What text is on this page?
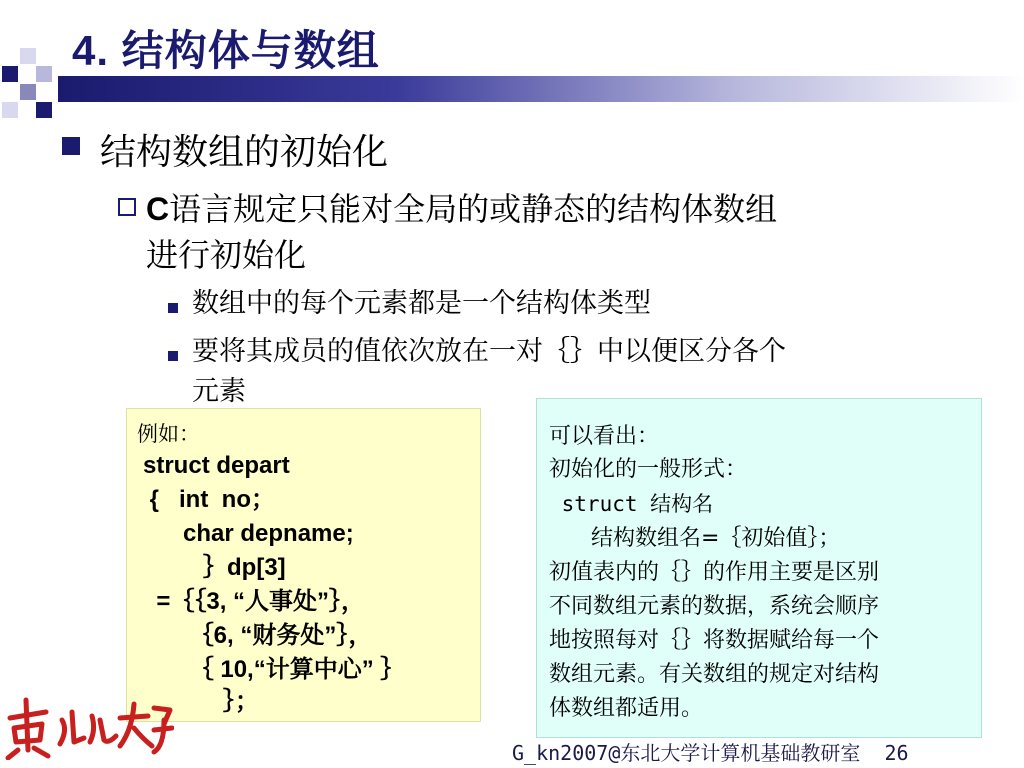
4. 结构体与数组
结构数组的初始化
C语言规定只能对全局的或静态的结构体数组
进行初始化
数组中的每个元素都是一个结构体类型
要将其成员的值依次放在一对｛｝中以便区分各个
元素
例如：
struct depart
{   int  no；
char depname;
｝dp[3]
=｛｛3, “人事处”｝，
｛6, “财务处”｝，
｛ 10,“计算中心” ｝
｝；
可以看出：
初始化的一般形式：
struct 结构名
结构数组名=｛初始值｝；
初值表内的｛｝的作用主要是区别
不同数组元素的数据，系统会顺序
地按照每对｛｝将数据赋给每一个
数组元素。有关数组的规定对结构
体数组都适用。
G_kn2007@东北大学计算机基础教研室 26
